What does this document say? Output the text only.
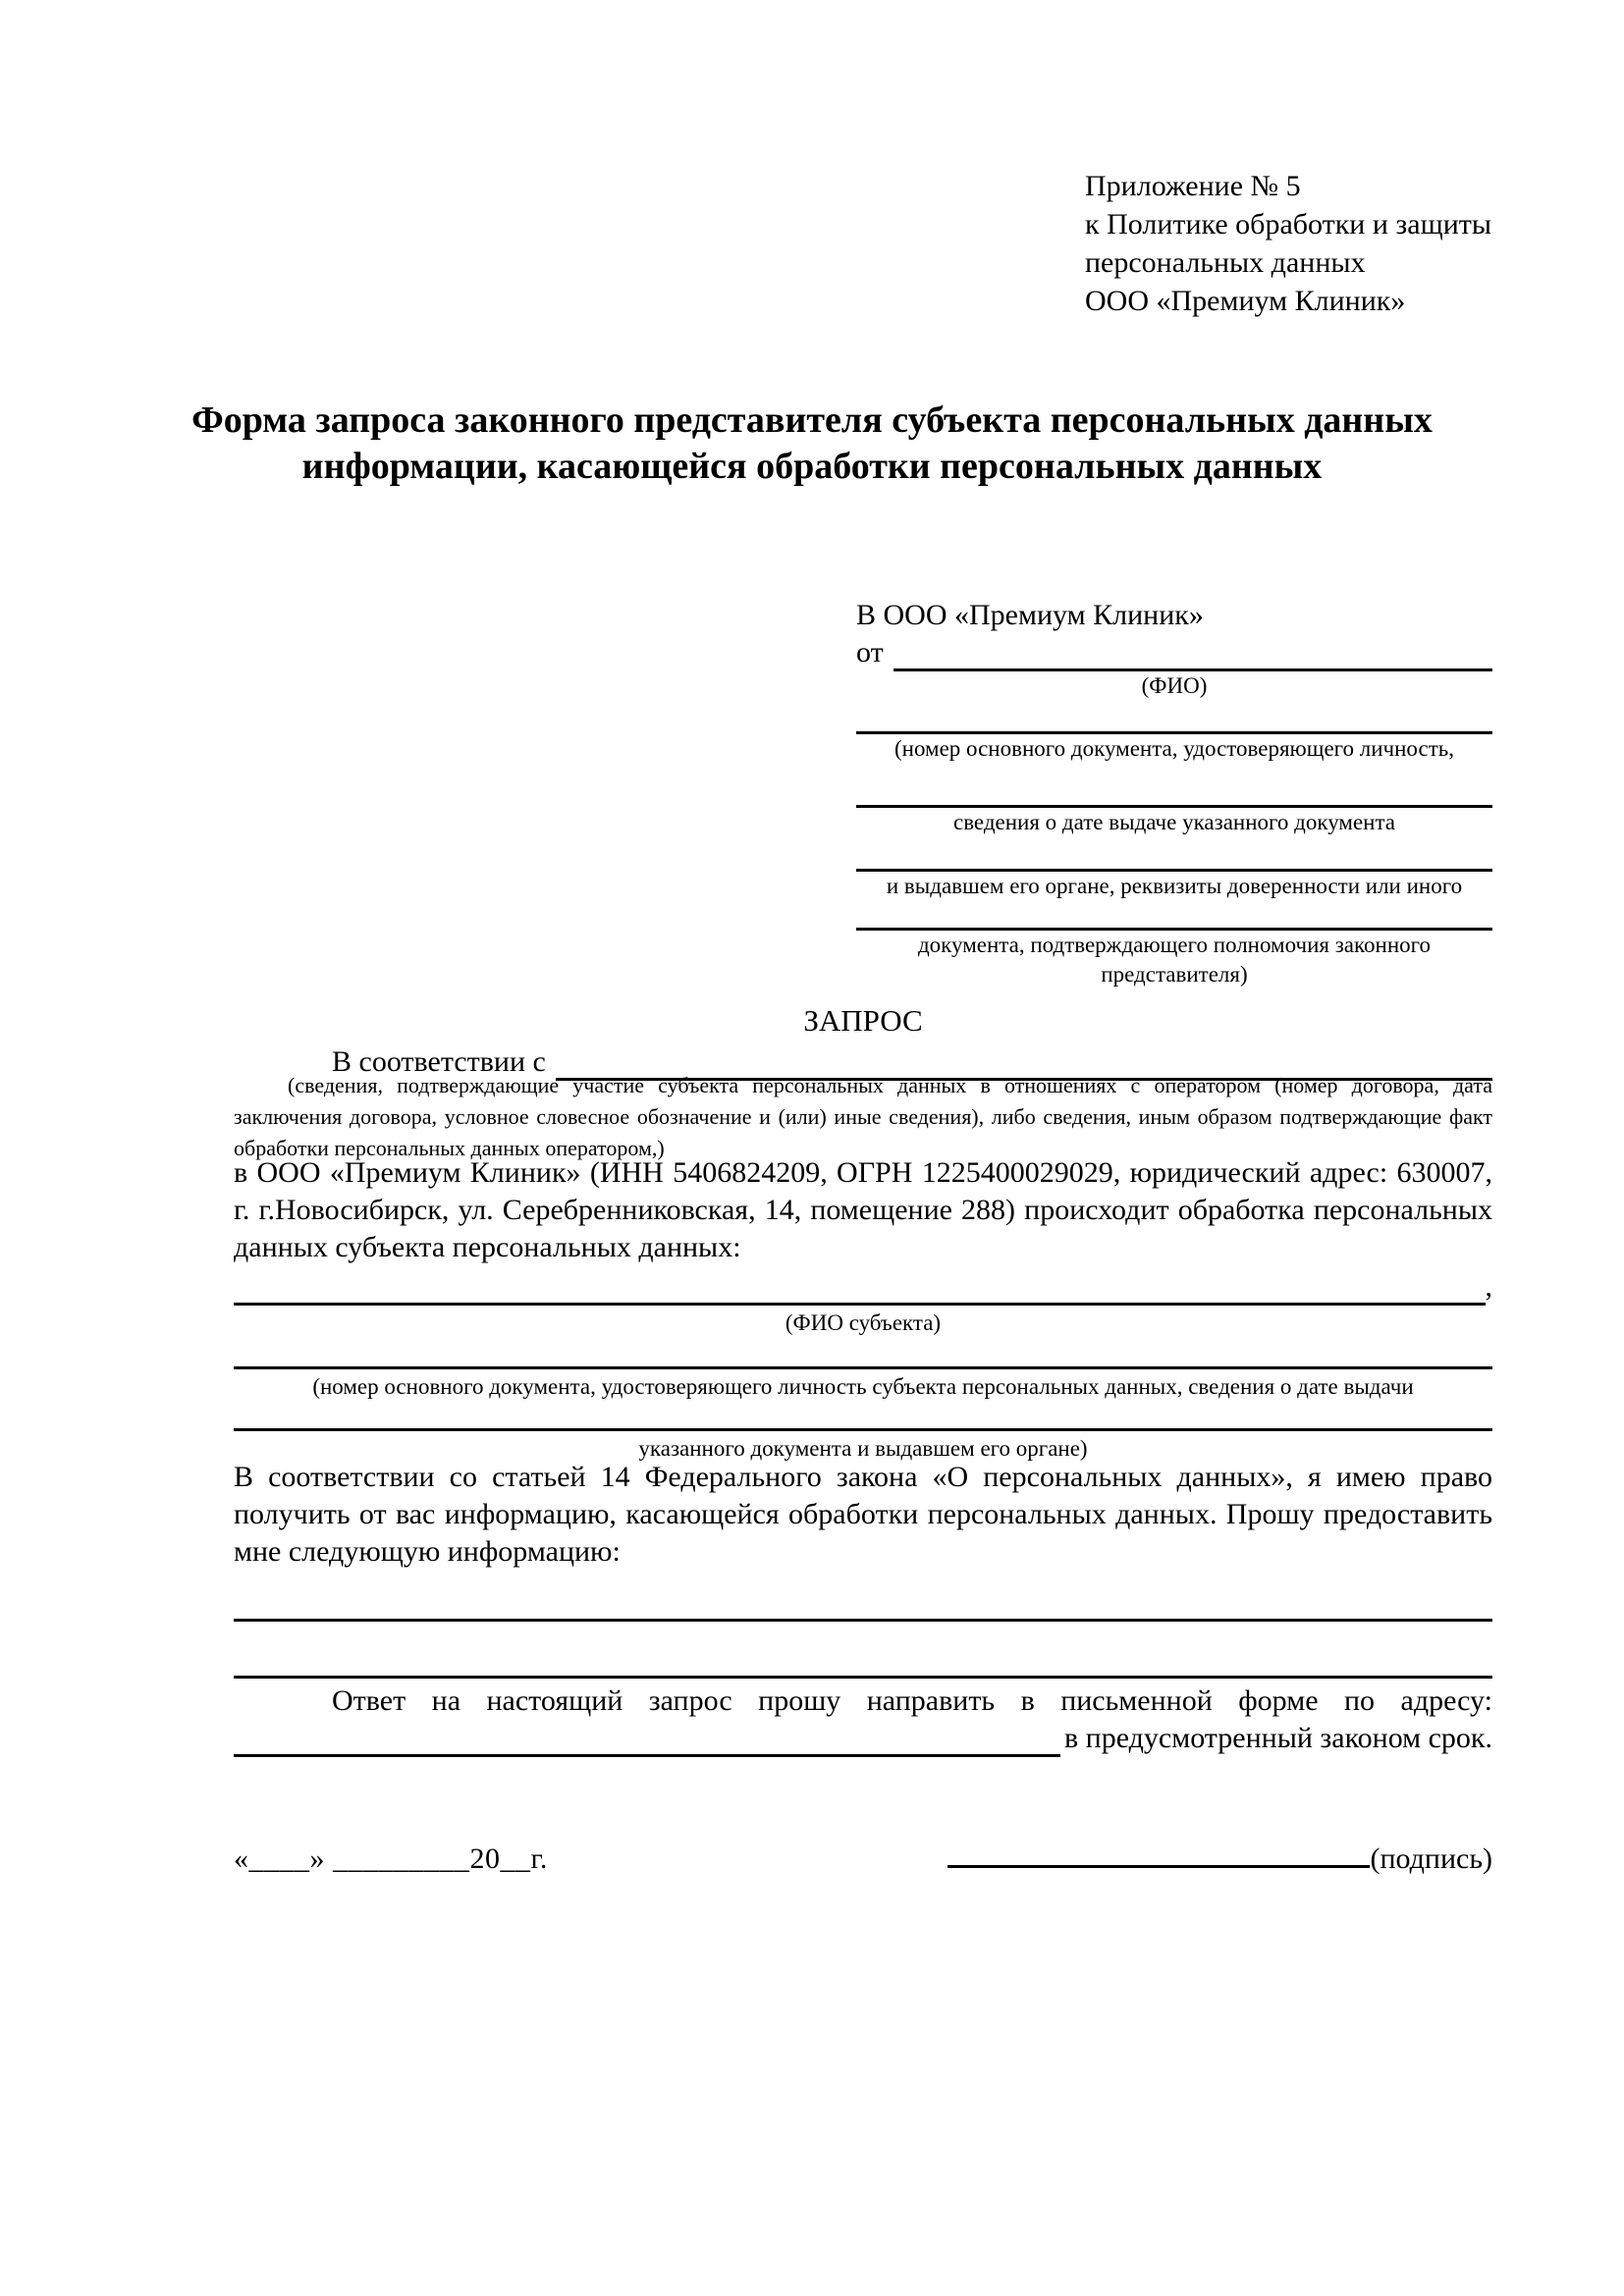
Приложение № 5
к Политике обработки и защиты
персональных данных
ООО «Премиум Клиник»
Форма запроса законного представителя субъекта персональных данных
информации, касающейся обработки персональных данных
В ООО «Премиум Клиник»
от
(ФИО)
(номер основного документа, удостоверяющего личность,
сведения о дате выдаче указанного документа
и выдавшем его органе, реквизиты доверенности или иного
документа, подтверждающего полномочия законного представителя)
ЗАПРОС
В соответствии с
(сведения, подтверждающие участие субъекта персональных данных в отношениях с оператором (номер договора, дата заключения договора, условное словесное обозначение и (или) иные сведения), либо сведения, иным образом подтверждающие факт обработки персональных данных оператором,)
в ООО «Премиум Клиник» (ИНН 5406824209, ОГРН 1225400029029, юридический адрес: 630007, г. г.Новосибирск, ул. Серебренниковская, 14, помещение 288) происходит обработка персональных данных субъекта персональных данных:
,
(ФИО субъекта)
(номер основного документа, удостоверяющего личность субъекта персональных данных, сведения о дате выдачи
указанного документа и выдавшем его органе)
В соответствии со статьей 14 Федерального закона «О персональных данных», я имею право получить от вас информацию, касающейся обработки персональных данных. Прошу предоставить мне следующую информацию:
Ответ на настоящий запрос прошу направить в письменной форме по адресу:
в предусмотренный законом срок.
«____» _________20__г.	(подпись)
